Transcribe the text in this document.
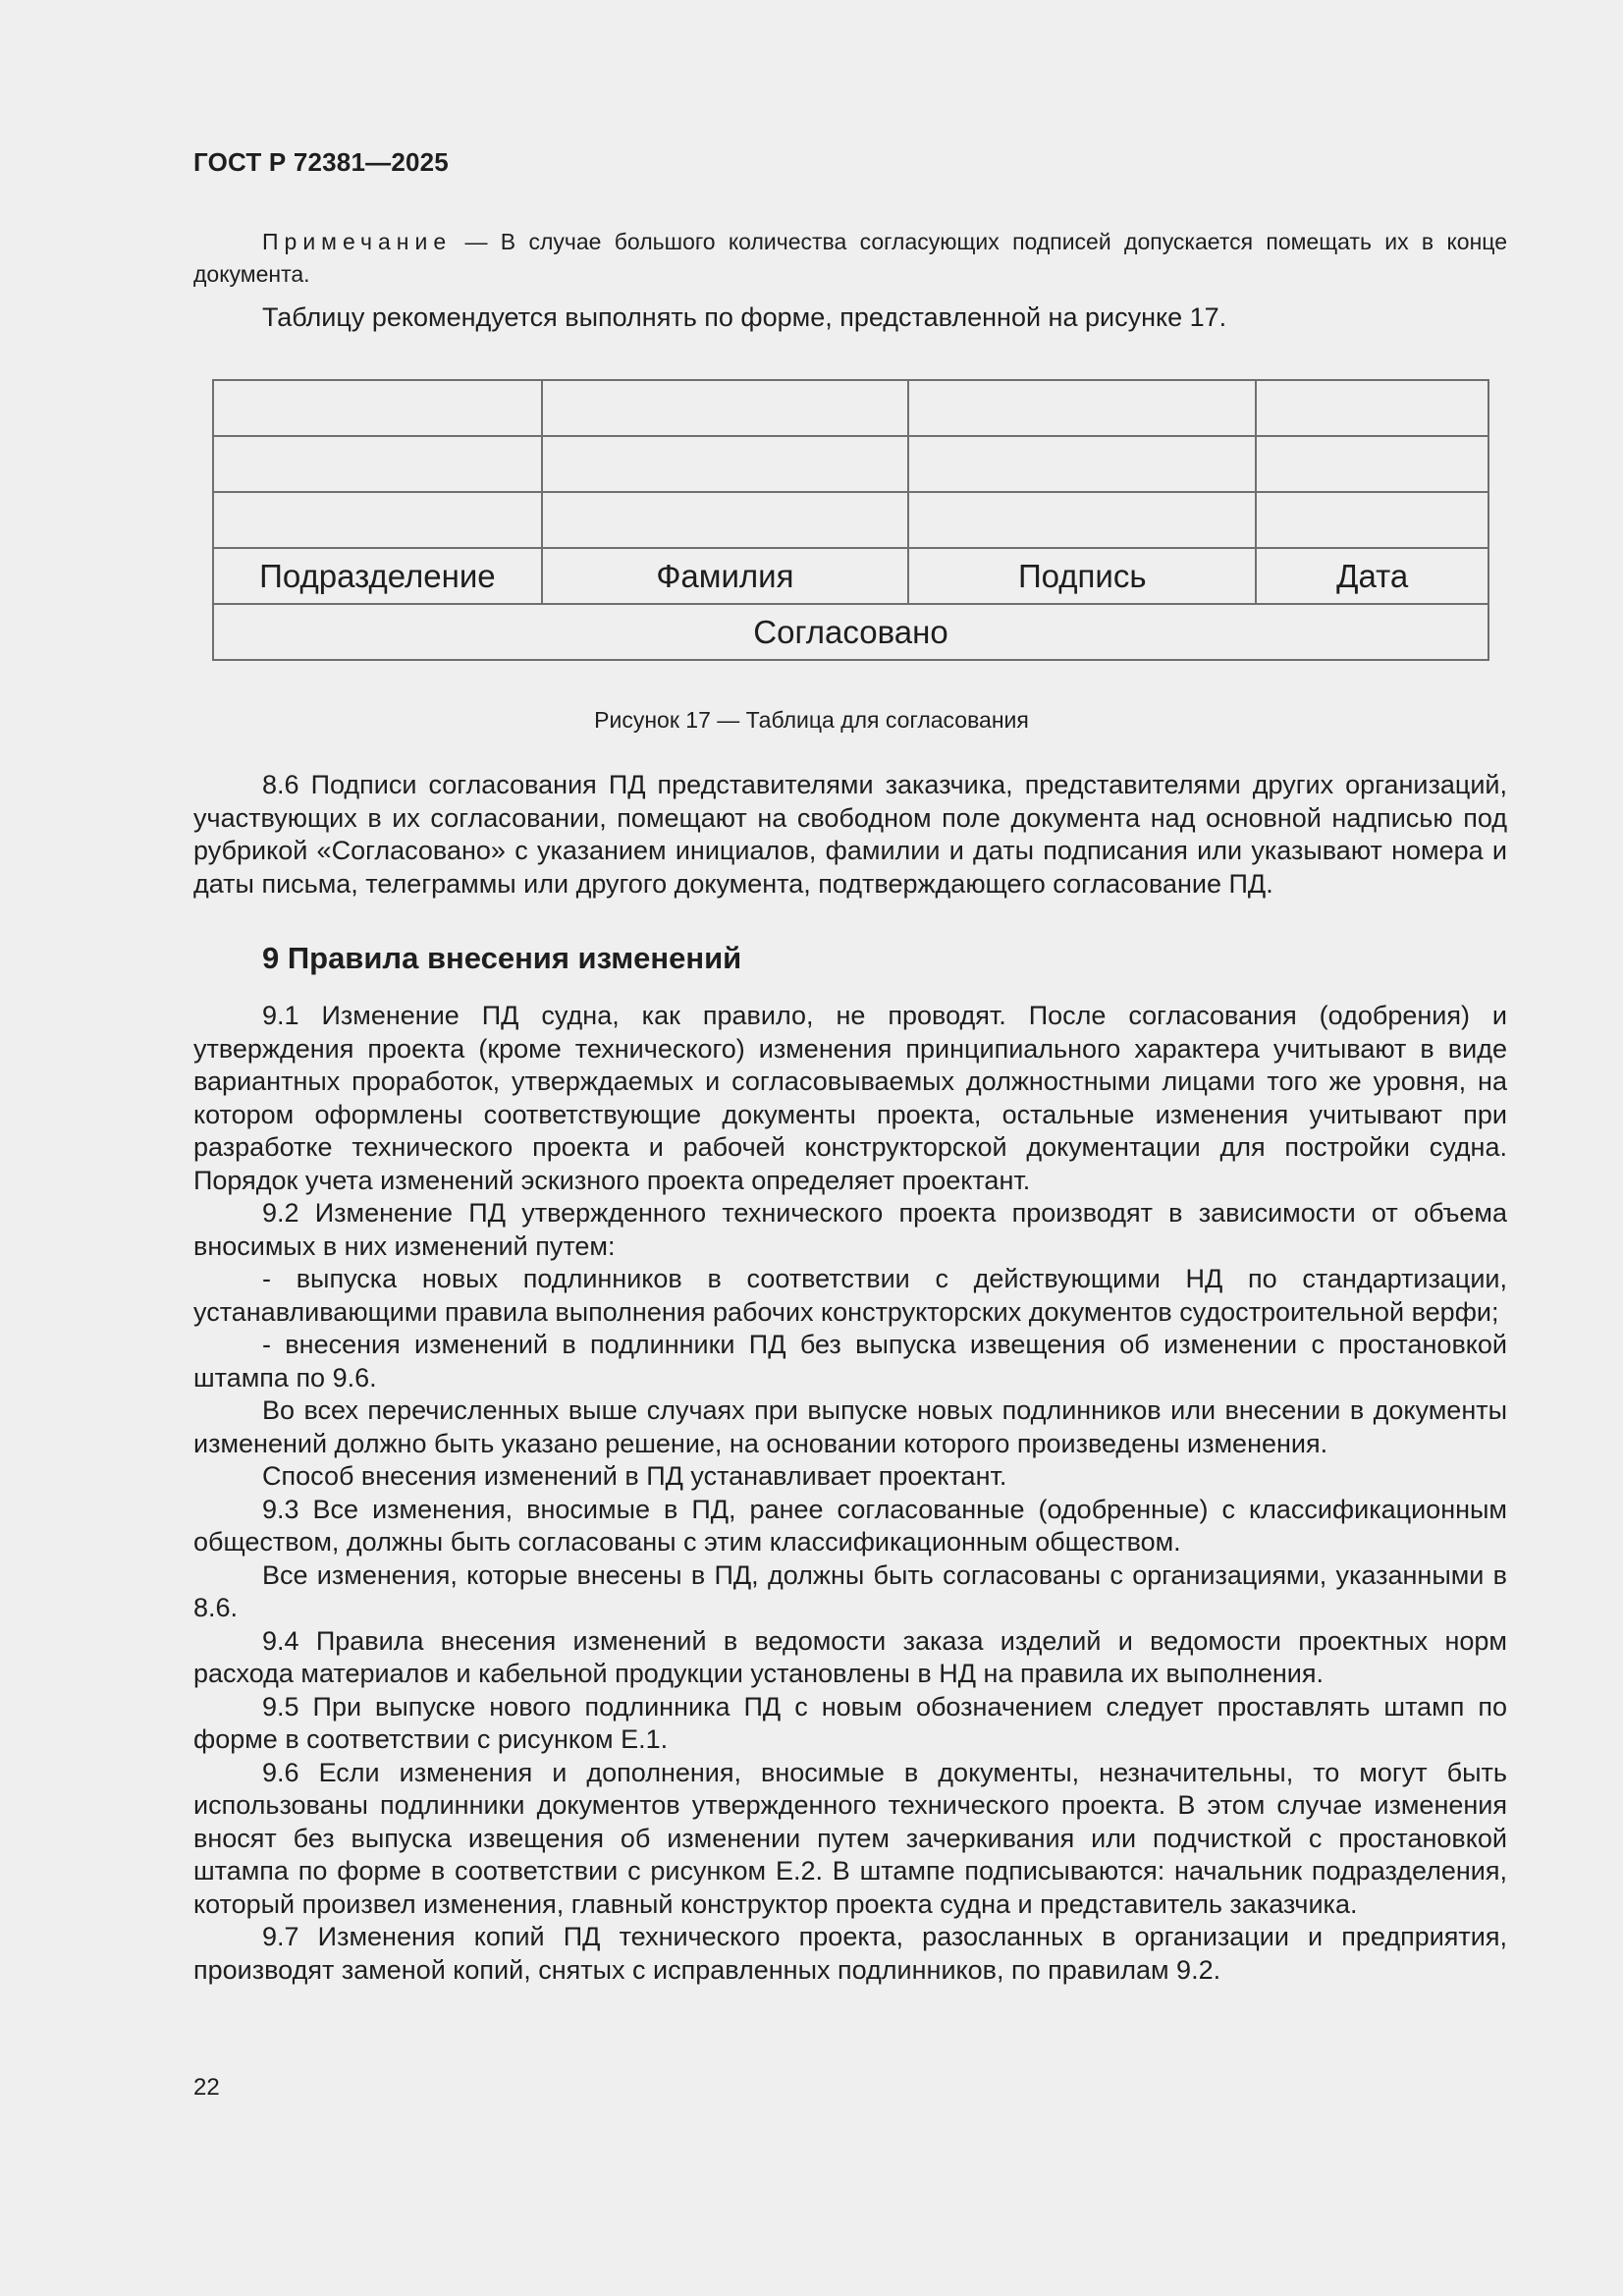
ГОСТ Р 72381—2025
Примечание — В случае большого количества согласующих подписей допускается помещать их в конце документа.
Таблицу рекомендуется выполнять по форме, представленной на рисунке 17.

Подразделение	Фамилия	Подпись	Дата
Согласовано			
Рисунок 17 — Таблица для согласования

8.6 Подписи согласования ПД представителями заказчика, представителями других организаций, участвующих в их согласовании, помещают на свободном поле документа над основной надписью под рубрикой «Согласовано» с указанием инициалов, фамилии и даты подписания или указывают номера и даты письма, телеграммы или другого документа, подтверждающего согласование ПД.

9 Правила внесения изменений

9.1 Изменение ПД судна, как правило, не проводят. После согласования (одобрения) и утверждения проекта (кроме технического) изменения принципиального характера учитывают в виде вариантных проработок, утверждаемых и согласовываемых должностными лицами того же уровня, на котором оформлены соответствующие документы проекта, остальные изменения учитывают при разработке технического проекта и рабочей конструкторской документации для постройки судна. Порядок учета изменений эскизного проекта определяет проектант.

9.2 Изменение ПД утвержденного технического проекта производят в зависимости от объема вносимых в них изменений путем:

- выпуска новых подлинников в соответствии с действующими НД по стандартизации, устанавливающими правила выполнения рабочих конструкторских документов судостроительной верфи;

- внесения изменений в подлинники ПД без выпуска извещения об изменении с простановкой штампа по 9.6.

Во всех перечисленных выше случаях при выпуске новых подлинников или внесении в документы изменений должно быть указано решение, на основании которого произведены изменения.

Способ внесения изменений в ПД устанавливает проектант.

9.3 Все изменения, вносимые в ПД, ранее согласованные (одобренные) с классификационным обществом, должны быть согласованы с этим классификационным обществом.

Все изменения, которые внесены в ПД, должны быть согласованы с организациями, указанными в 8.6.

9.4 Правила внесения изменений в ведомости заказа изделий и ведомости проектных норм расхода материалов и кабельной продукции установлены в НД на правила их выполнения.

9.5 При выпуске нового подлинника ПД с новым обозначением следует проставлять штамп по форме в соответствии с рисунком Е.1.

9.6 Если изменения и дополнения, вносимые в документы, незначительны, то могут быть использованы подлинники документов утвержденного технического проекта. В этом случае изменения вносят без выпуска извещения об изменении путем зачеркивания или подчисткой с простановкой штампа по форме в соответствии с рисунком Е.2. В штампе подписываются: начальник подразделения, который произвел изменения, главный конструктор проекта судна и представитель заказчика.

9.7 Изменения копий ПД технического проекта, разосланных в организации и предприятия, производят заменой копий, снятых с исправленных подлинников, по правилам 9.2.

22
